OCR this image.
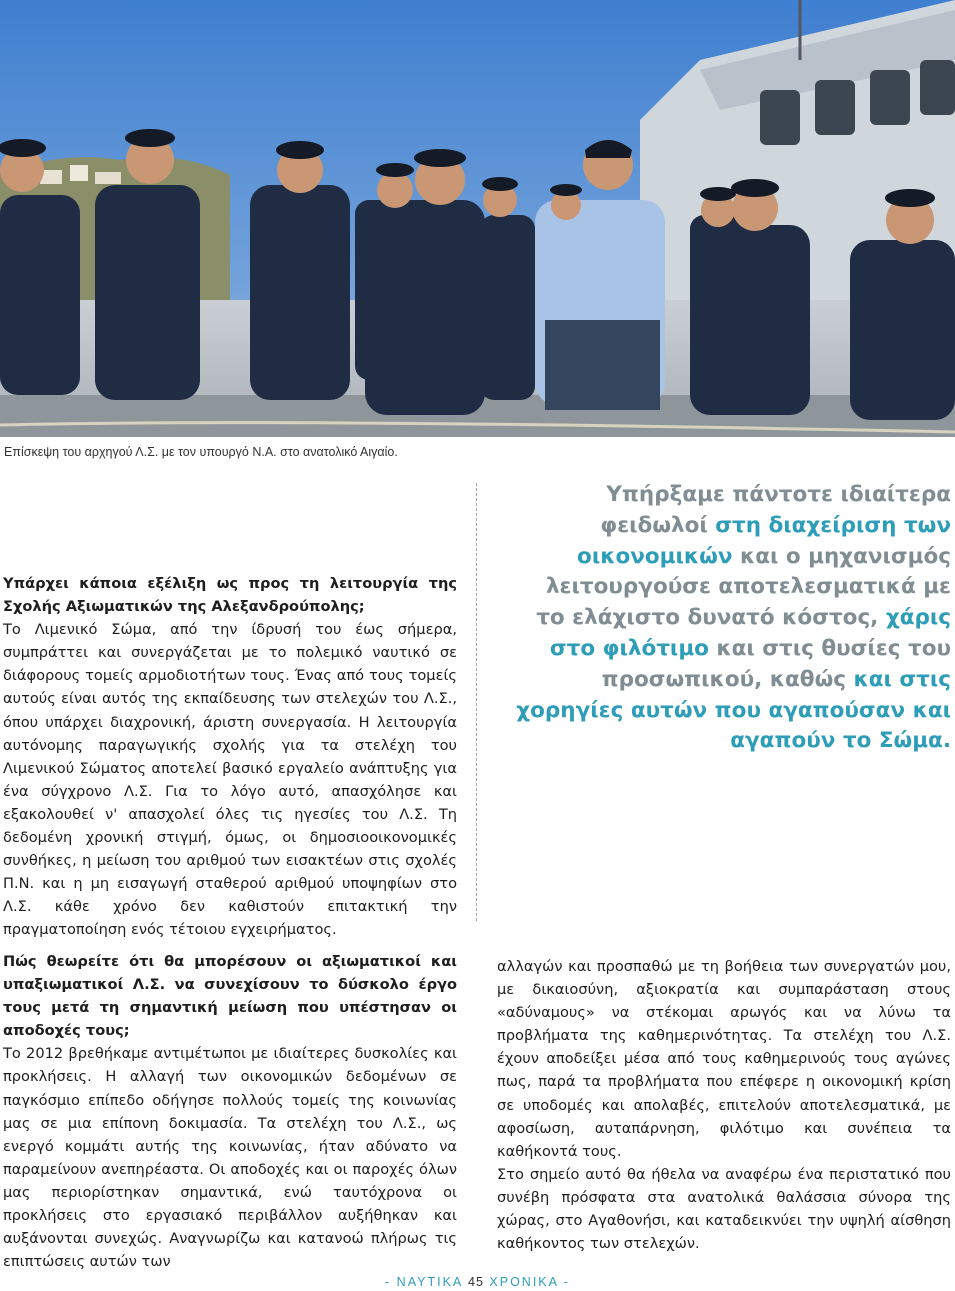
Επίσκεψη του αρχηγού Λ.Σ. με τον υπουργό Ν.Α. στο ανατολικό Αιγαίο.

Υπάρχει κάποια εξέλιξη ως προς τη λειτουργία της Σχολής Αξιωματικών της Αλεξανδρούπολης;

Το Λιμενικό Σώμα, από την ίδρυσή του έως σήμερα, συμπράττει και συνεργάζεται με το πολεμικό ναυτικό σε διάφορους τομείς αρμοδιοτήτων τους. Ένας από τους τομείς αυτούς είναι αυτός της εκπαίδευσης των στελεχών του Λ.Σ., όπου υπάρχει διαχρονική, άριστη συνεργασία. Η λειτουργία αυτόνομης παραγωγικής σχολής για τα στελέχη του Λιμενικού Σώματος αποτελεί βασικό εργαλείο ανάπτυξης για ένα σύγχρονο Λ.Σ. Για το λόγο αυτό, απασχόλησε και εξακολουθεί ν' απασχολεί όλες τις ηγεσίες του Λ.Σ. Τη δεδομένη χρονική στιγμή, όμως, οι δημοσιοοικονομικές συνθήκες, η μείωση του αριθμού των εισακτέων στις σχολές Π.Ν. και η μη εισαγωγή σταθερού αριθμού υποψηφίων στο Λ.Σ. κάθε χρόνο δεν καθιστούν επιτακτική την πραγματοποίηση ενός τέτοιου εγχειρήματος.

Υπήρξαμε πάντοτε ιδιαίτερα φειδωλοί στη διαχείριση των οικονομικών και ο μηχανισμός λειτουργούσε αποτελεσματικά με το ελάχιστο δυνατό κόστος, χάρις στο φιλότιμο και στις θυσίες του προσωπικού, καθώς και στις χορηγίες αυτών που αγαπούσαν και αγαπούν το Σώμα.

Πώς θεωρείτε ότι θα μπορέσουν οι αξιωματικοί και υπαξιωματικοί Λ.Σ. να συνεχίσουν το δύσκολο έργο τους μετά τη σημαντική μείωση που υπέστησαν οι αποδοχές τους;

Το 2012 βρεθήκαμε αντιμέτωποι με ιδιαίτερες δυσκολίες και προκλήσεις. Η αλλαγή των οικονομικών δεδομένων σε παγκόσμιο επίπεδο οδήγησε πολλούς τομείς της κοινωνίας μας σε μια επίπονη δοκιμασία. Τα στελέχη του Λ.Σ., ως ενεργό κομμάτι αυτής της κοινωνίας, ήταν αδύνατο να παραμείνουν ανεπηρέαστα. Οι αποδοχές και οι παροχές όλων μας περιορίστηκαν σημαντικά, ενώ ταυτόχρονα οι προκλήσεις στο εργασιακό περιβάλλον αυξήθηκαν και αυξάνονται συνεχώς. Αναγνωρίζω και κατανοώ πλήρως τις επιπτώσεις αυτών των

αλλαγών και προσπαθώ με τη βοήθεια των συνεργατών μου, με δικαιοσύνη, αξιοκρατία και συμπαράσταση στους «αδύναμους» να στέκομαι αρωγός και να λύνω τα προβλήματα της καθημερινότητας. Τα στελέχη του Λ.Σ. έχουν αποδείξει μέσα από τους καθημερινούς τους αγώνες πως, παρά τα προβλήματα που επέφερε η οικονομική κρίση σε υποδομές και απολαβές, επιτελούν αποτελεσματικά, με αφοσίωση, αυταπάρνηση, φιλότιμο και συνέπεια τα καθήκοντά τους.

Στο σημείο αυτό θα ήθελα να αναφέρω ένα περιστατικό που συνέβη πρόσφατα στα ανατολικά θαλάσσια σύνορα της χώρας, στο Αγαθονήσι, και καταδεικνύει την υψηλή αίσθηση καθήκοντος των στελεχών.

- ΝΑΥΤΙΚΑ 45 ΧΡΟΝΙΚΑ -
